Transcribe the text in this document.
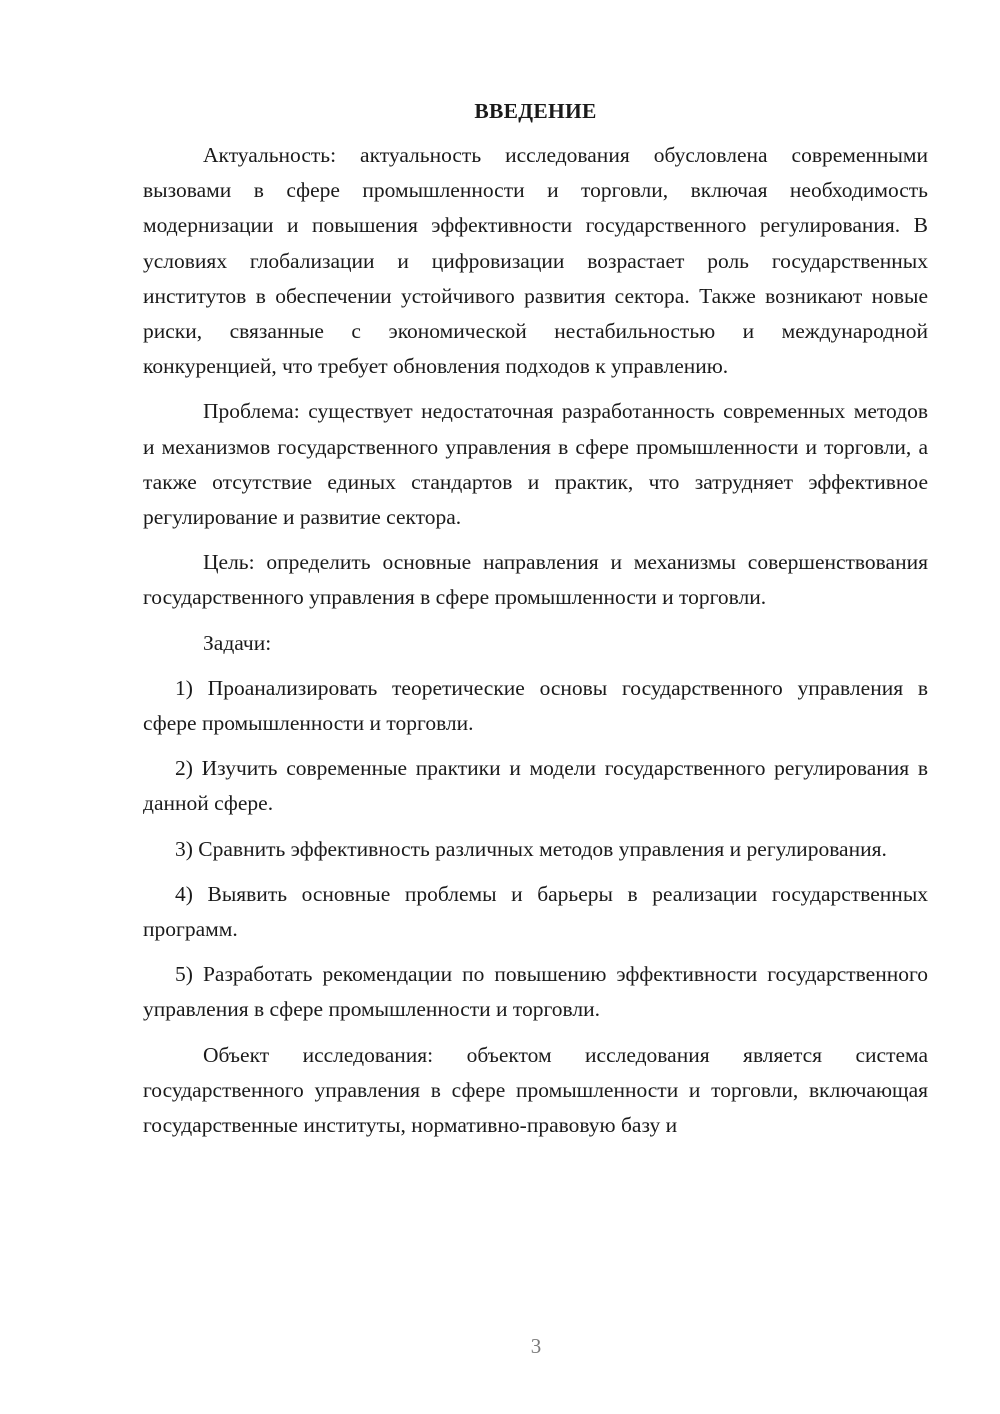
ВВЕДЕНИЕ

Актуальность: актуальность исследования обусловлена современными вызовами в сфере промышленности и торговли, включая необходимость модернизации и повышения эффективности государственного регулирования. В условиях глобализации и цифровизации возрастает роль государственных институтов в обеспечении устойчивого развития сектора. Также возникают новые риски, связанные с экономической нестабильностью и международной конкуренцией, что требует обновления подходов к управлению.

Проблема: существует недостаточная разработанность современных методов и механизмов государственного управления в сфере промышленности и торговли, а также отсутствие единых стандартов и практик, что затрудняет эффективное регулирование и развитие сектора.

Цель: определить основные направления и механизмы совершенствования государственного управления в сфере промышленности и торговли.

Задачи:

1) Проанализировать теоретические основы государственного управления в сфере промышленности и торговли.

2) Изучить современные практики и модели государственного регулирования в данной сфере.

3) Сравнить эффективность различных методов управления и регулирования.

4) Выявить основные проблемы и барьеры в реализации государственных программ.

5) Разработать рекомендации по повышению эффективности государственного управления в сфере промышленности и торговли.

Объект исследования: объектом исследования является система государственного управления в сфере промышленности и торговли, включающая государственные институты, нормативно-правовую базу и

3
